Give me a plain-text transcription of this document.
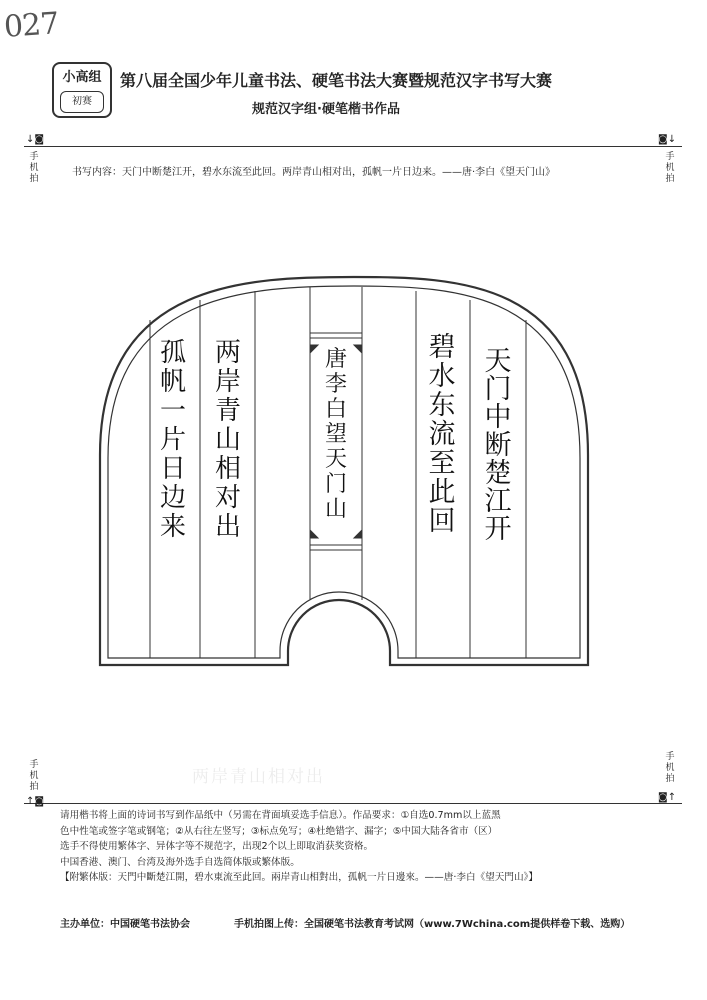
027
小高组
初赛
第八届全国少年儿童书法、硬笔书法大赛暨规范汉字书写大赛
规范汉字组·硬笔楷书作品
↓◙
手机拍
◙↓
手机拍
手机拍
↑◙
手机拍
◙↑
书写内容：天门中断楚江开，碧水东流至此回。两岸青山相对出，孤帆一片日边来。——唐·李白《望天门山》
两岸青山相对出
天门中断楚江开
碧水东流至此回
唐李白望天门山
两岸青山相对出
孤帆一片日边来
请用楷书将上面的诗词书写到作品纸中（另需在背面填妥选手信息）。作品要求：①自选0.7mm以上蓝黑
色中性笔或签字笔或钢笔；②从右往左竖写；③标点免写；④杜绝错字、漏字；⑤中国大陆各省市（区）
选手不得使用繁体字、异体字等不规范字，出现2个以上即取消获奖资格。
中国香港、澳门、台湾及海外选手自选简体版或繁体版。
【附繁体版：天門中斷楚江開，碧水東流至此回。兩岸青山相對出，孤帆一片日邊來。——唐·李白《望天門山》】
主办单位：中国硬笔书法协会	手机拍图上传：全国硬笔书法教育考试网（www.7Wchina.com提供样卷下载、选购）
